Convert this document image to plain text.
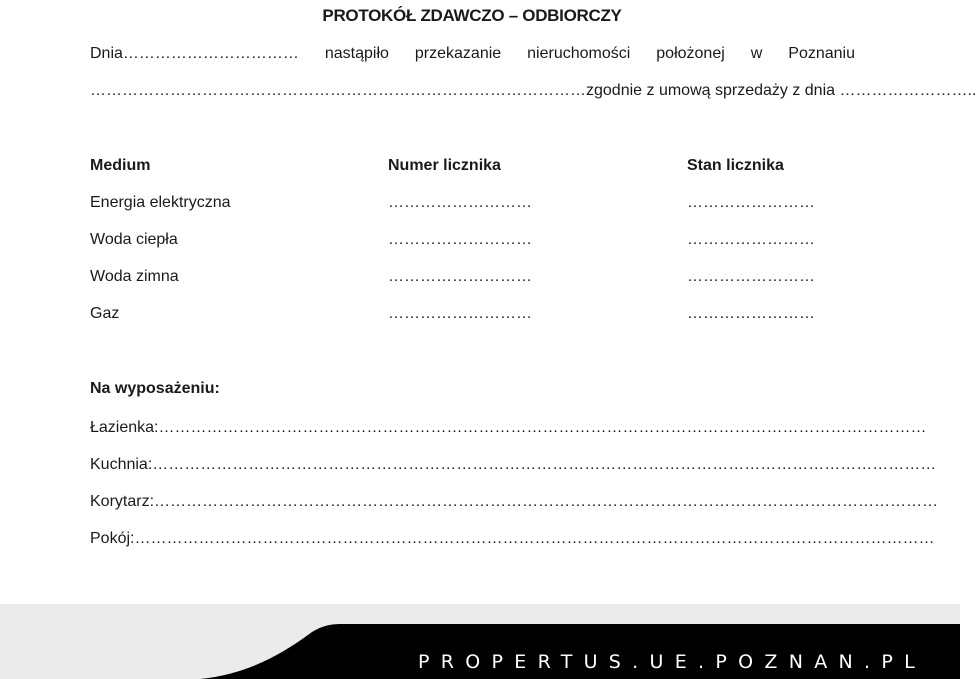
PROTOKÓŁ ZDAWCZO – ODBIORCZY
Dnia…………………………… nastąpiło przekazanie nieruchomości położonej w Poznaniu
…………………………………………………………………………………zgodnie z umową sprzedaży z dnia ……………………..
Medium	Numer licznika	Stan licznika
Energia elektryczna	………………………	……………………
Woda ciepła	………………………	……………………
Woda zimna	………………………	……………………
Gaz	………………………	……………………
Na wyposażeniu:
Łazienka:………………………………………………………………………………………………………………………………
Kuchnia:…………………………………………………………………………………………………………………………………
Korytarz:…………………………………………………………………………………………………………………………………
Pokój:……………………………………………………………………………………………………………………………………
PROPERTUS.UE.POZNAN.PL
